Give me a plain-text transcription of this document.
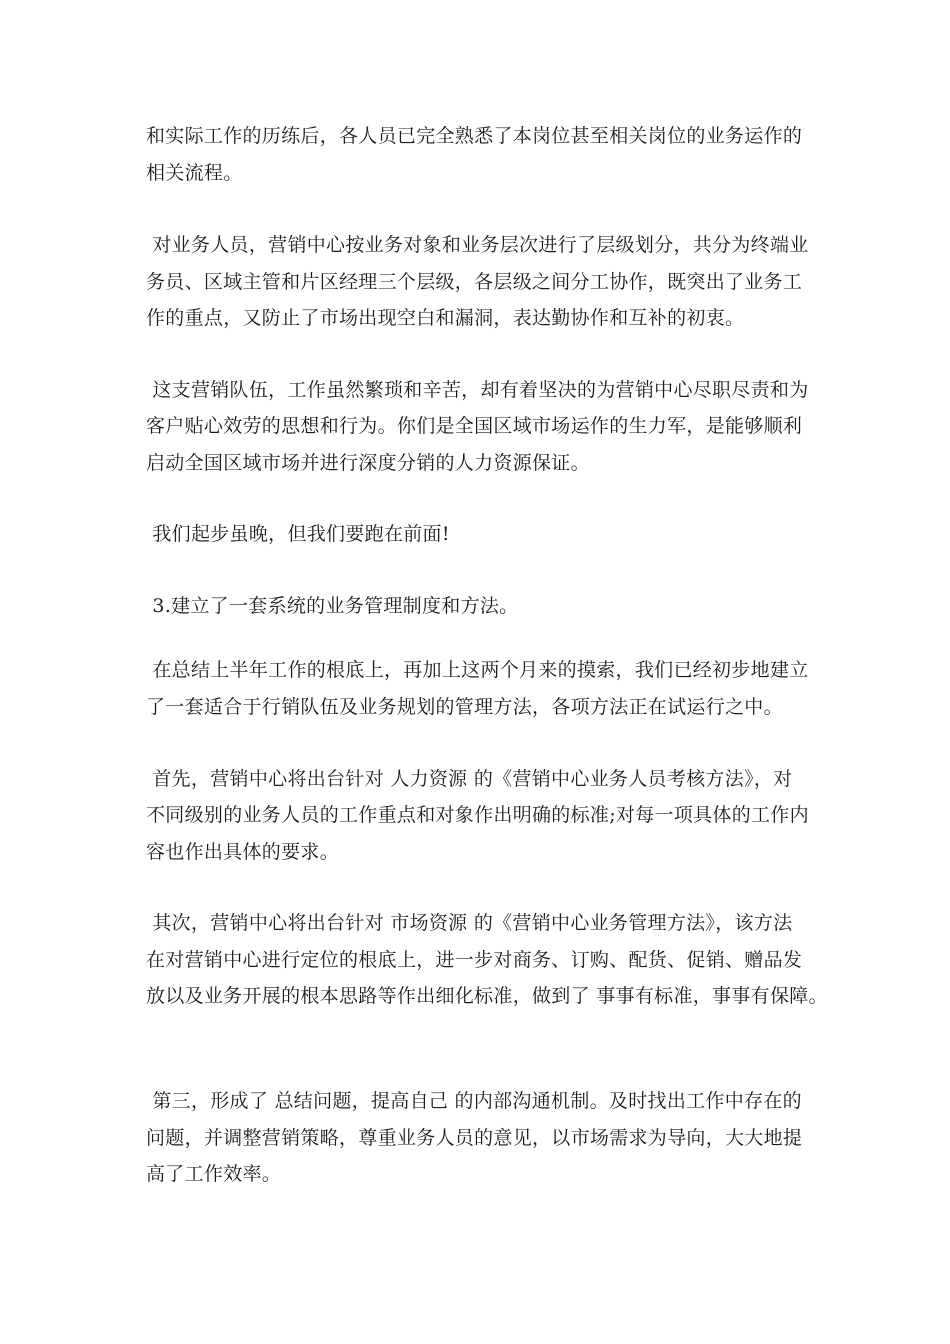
和实际工作的历练后，各人员已完全熟悉了本岗位甚至相关岗位的业务运作的

相关流程。

对业务人员，营销中心按业务对象和业务层次进行了层级划分，共分为终端业

务员、区域主管和片区经理三个层级，各层级之间分工协作，既突出了业务工

作的重点，又防止了市场出现空白和漏洞，表达勤协作和互补的初衷。

这支营销队伍，工作虽然繁琐和辛苦，却有着坚决的为营销中心尽职尽责和为

客户贴心效劳的思想和行为。你们是全国区域市场运作的生力军，是能够顺利

启动全国区域市场并进行深度分销的人力资源保证。

我们起步虽晚，但我们要跑在前面!

3.建立了一套系统的业务管理制度和方法。

在总结上半年工作的根底上，再加上这两个月来的摸索，我们已经初步地建立

了一套适合于行销队伍及业务规划的管理方法，各项方法正在试运行之中。

首先，营销中心将出台针对 人力资源 的《营销中心业务人员考核方法》，对

不同级别的业务人员的工作重点和对象作出明确的标准;对每一项具体的工作内

容也作出具体的要求。

其次，营销中心将出台针对 市场资源 的《营销中心业务管理方法》，该方法

在对营销中心进行定位的根底上，进一步对商务、订购、配货、促销、赠品发

放以及业务开展的根本思路等作出细化标准，做到了 事事有标准，事事有保障。

第三，形成了 总结问题，提高自己 的内部沟通机制。及时找出工作中存在的

问题，并调整营销策略，尊重业务人员的意见，以市场需求为导向，大大地提

高了工作效率。
